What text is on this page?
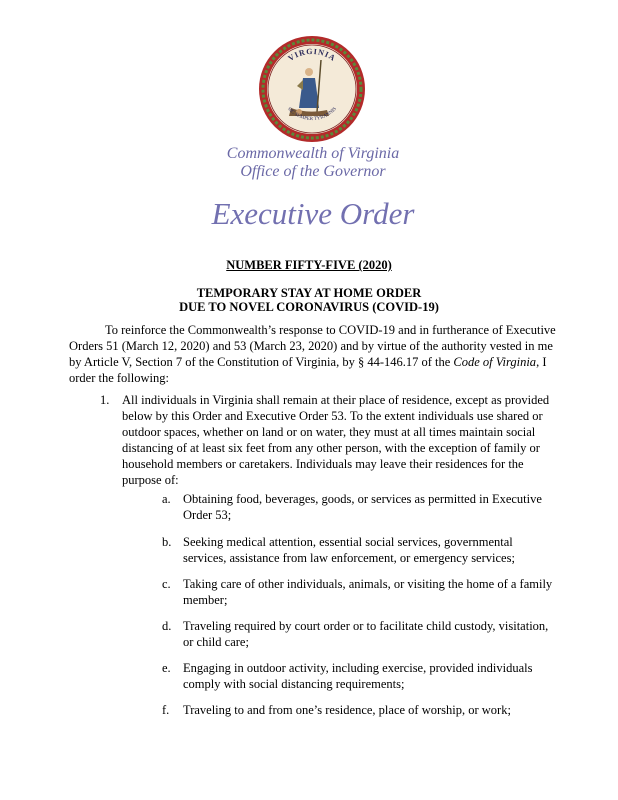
VIRGINIA
SIC SEMPER TYRANNIS
Commonwealth of Virginia
Office of the Governor
Executive Order
NUMBER FIFTY-FIVE (2020)
TEMPORARY STAY AT HOME ORDER
DUE TO NOVEL CORONAVIRUS (COVID-19)
To reinforce the Commonwealth’s response to COVID-19 and in furtherance of Executive Orders 51 (March 12, 2020) and 53 (March 23, 2020) and by virtue of the authority vested in me by Article V, Section 7 of the Constitution of Virginia, by § 44-146.17 of the Code of Virginia, I order the following:
1. All individuals in Virginia shall remain at their place of residence, except as provided below by this Order and Executive Order 53. To the extent individuals use shared or outdoor spaces, whether on land or on water, they must at all times maintain social distancing of at least six feet from any other person, with the exception of family or household members or caretakers. Individuals may leave their residences for the purpose of:
a. Obtaining food, beverages, goods, or services as permitted in Executive Order 53;
b. Seeking medical attention, essential social services, governmental services, assistance from law enforcement, or emergency services;
c. Taking care of other individuals, animals, or visiting the home of a family member;
d. Traveling required by court order or to facilitate child custody, visitation, or child care;
e. Engaging in outdoor activity, including exercise, provided individuals comply with social distancing requirements;
f. Traveling to and from one’s residence, place of worship, or work;
